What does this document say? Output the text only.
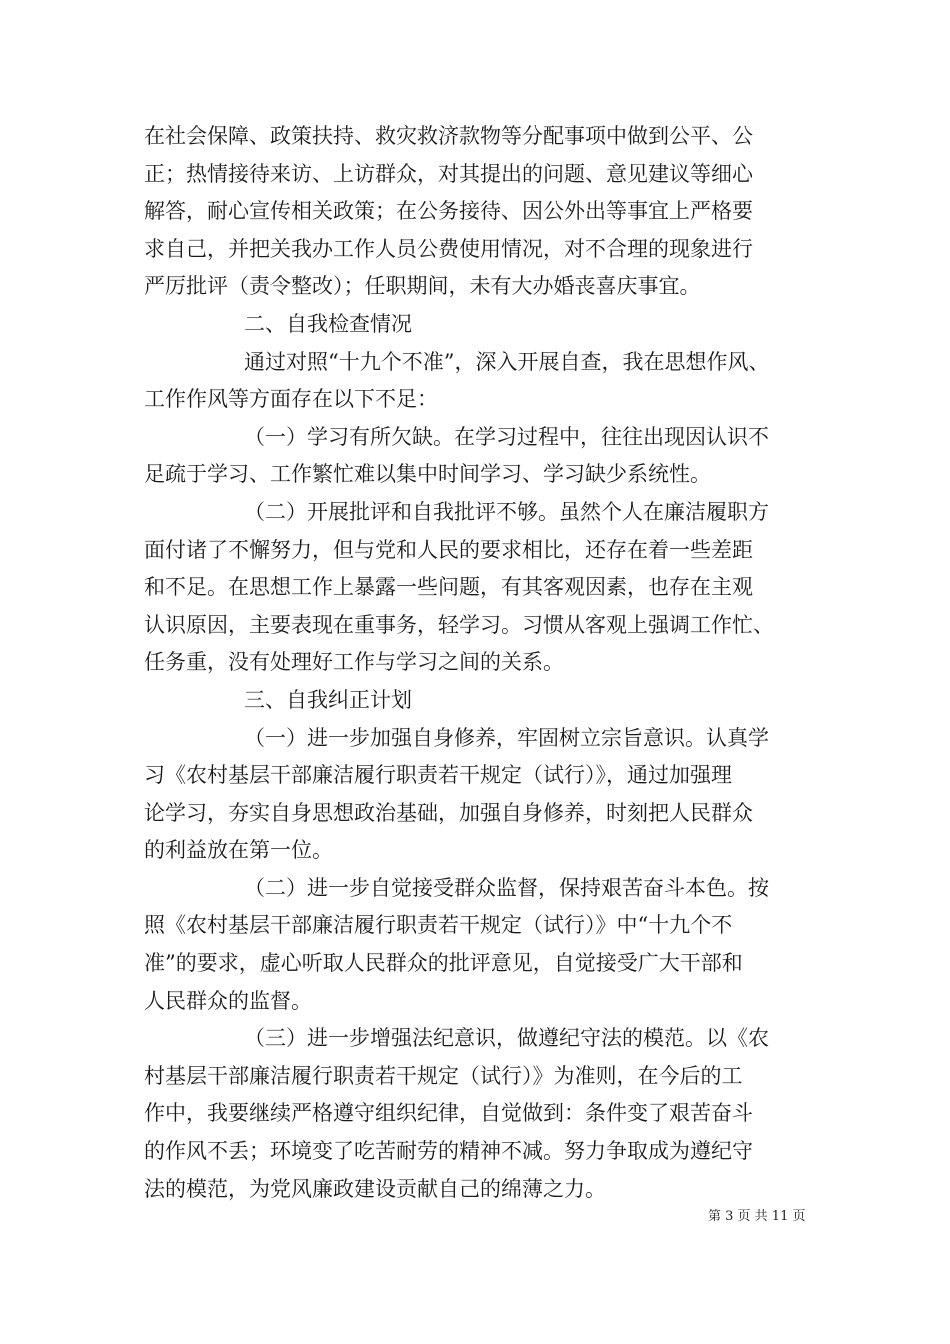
在社会保障、政策扶持、救灾救济款物等分配事项中做到公平、公
正；热情接待来访、上访群众，对其提出的问题、意见建议等细心
解答，耐心宣传相关政策；在公务接待、因公外出等事宜上严格要
求自己，并把关我办工作人员公费使用情况，对不合理的现象进行
严厉批评（责令整改）；任职期间，未有大办婚丧喜庆事宜。
二、自我检查情况
通过对照“十九个不准”，深入开展自查，我在思想作风、
工作作风等方面存在以下不足：
（一）学习有所欠缺。在学习过程中，往往出现因认识不
足疏于学习、工作繁忙难以集中时间学习、学习缺少系统性。
（二）开展批评和自我批评不够。虽然个人在廉洁履职方
面付诸了不懈努力，但与党和人民的要求相比，还存在着一些差距
和不足。在思想工作上暴露一些问题，有其客观因素，也存在主观
认识原因，主要表现在重事务，轻学习。习惯从客观上强调工作忙、
任务重，没有处理好工作与学习之间的关系。
三、自我纠正计划
（一）进一步加强自身修养，牢固树立宗旨意识。认真学
习《农村基层干部廉洁履行职责若干规定（试行）》，通过加强理
论学习，夯实自身思想政治基础，加强自身修养，时刻把人民群众
的利益放在第一位。
（二）进一步自觉接受群众监督，保持艰苦奋斗本色。按
照《农村基层干部廉洁履行职责若干规定（试行）》中“十九个不
准”的要求，虚心听取人民群众的批评意见，自觉接受广大干部和
人民群众的监督。
（三）进一步增强法纪意识，做遵纪守法的模范。以《农
村基层干部廉洁履行职责若干规定（试行）》为准则，在今后的工
作中，我要继续严格遵守组织纪律，自觉做到：条件变了艰苦奋斗
的作风不丢；环境变了吃苦耐劳的精神不减。努力争取成为遵纪守
法的模范，为党风廉政建设贡献自己的绵薄之力。
第 3 页 共 11 页
